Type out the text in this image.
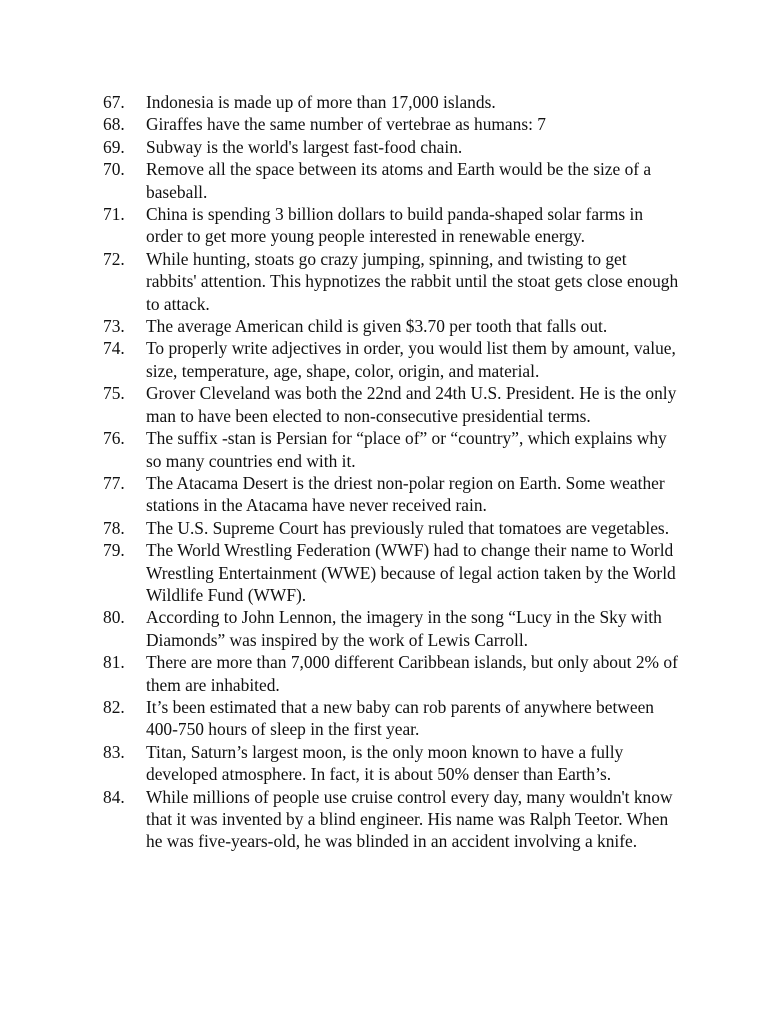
67.	Indonesia is made up of more than 17,000 islands.
68.	Giraffes have the same number of vertebrae as humans: 7
69.	Subway is the world's largest fast-food chain.
70.	Remove all the space between its atoms and Earth would be the size of a baseball.
71.	China is spending 3 billion dollars to build panda-shaped solar farms in order to get more young people interested in renewable energy.
72.	While hunting, stoats go crazy jumping, spinning, and twisting to get rabbits' attention. This hypnotizes the rabbit until the stoat gets close enough to attack.
73.	The average American child is given $3.70 per tooth that falls out.
74.	To properly write adjectives in order, you would list them by amount, value, size, temperature, age, shape, color, origin, and material.
75.	Grover Cleveland was both the 22nd and 24th U.S. President. He is the only man to have been elected to non-consecutive presidential terms.
76.	The suffix -stan is Persian for “place of” or “country”, which explains why so many countries end with it.
77.	The Atacama Desert is the driest non-polar region on Earth. Some weather stations in the Atacama have never received rain.
78.	The U.S. Supreme Court has previously ruled that tomatoes are vegetables.
79.	The World Wrestling Federation (WWF) had to change their name to World Wrestling Entertainment (WWE) because of legal action taken by the World Wildlife Fund (WWF).
80.	According to John Lennon, the imagery in the song “Lucy in the Sky with Diamonds” was inspired by the work of Lewis Carroll.
81.	There are more than 7,000 different Caribbean islands, but only about 2% of them are inhabited.
82.	It’s been estimated that a new baby can rob parents of anywhere between 400-750 hours of sleep in the first year.
83.	Titan, Saturn’s largest moon, is the only moon known to have a fully developed atmosphere. In fact, it is about 50% denser than Earth’s.
84.	While millions of people use cruise control every day, many wouldn't know that it was invented by a blind engineer. His name was Ralph Teetor. When he was five-years-old, he was blinded in an accident involving a knife.
